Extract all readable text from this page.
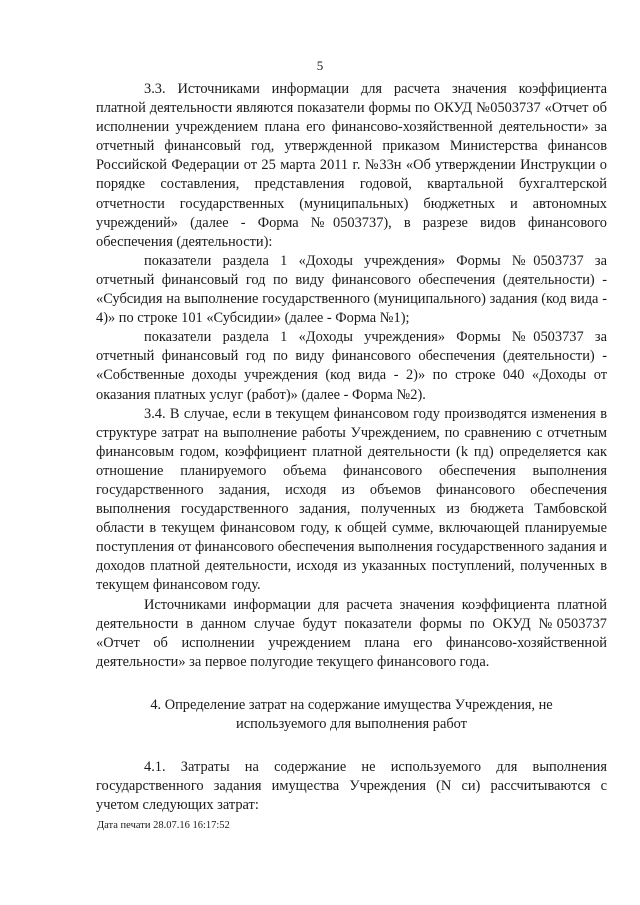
5

3.3. Источниками информации для расчета значения коэффициента платной деятельности являются показатели формы по ОКУД №0503737 «Отчет об исполнении учреждением плана его финансово-хозяйственной деятельности» за отчетный финансовый год, утвержденной приказом Министерства финансов Российской Федерации от 25 марта 2011 г. №33н «Об утверждении Инструкции о порядке составления, представления годовой, квартальной бухгалтерской отчетности государственных (муниципальных) бюджетных и автономных учреждений» (далее - Форма №0503737), в разрезе видов финансового обеспечения (деятельности):

показатели раздела 1 «Доходы учреждения» Формы №0503737 за отчетный финансовый год по виду финансового обеспечения (деятельности) - «Субсидия на выполнение государственного (муниципального) задания (код вида - 4)» по строке 101 «Субсидии» (далее - Форма №1);

показатели раздела 1 «Доходы учреждения» Формы №0503737 за отчетный финансовый год по виду финансового обеспечения (деятельности) - «Собственные доходы учреждения (код вида - 2)» по строке 040 «Доходы от оказания платных услуг (работ)» (далее - Форма №2).

3.4. В случае, если в текущем финансовом году производятся изменения в структуре затрат на выполнение работы Учреждением, по сравнению с отчетным финансовым годом, коэффициент платной деятельности (k пд) определяется как отношение планируемого объема финансового обеспечения выполнения государственного задания, исходя из объемов финансового обеспечения выполнения государственного задания, полученных из бюджета Тамбовской области в текущем финансовом году, к общей сумме, включающей планируемые поступления от финансового обеспечения выполнения государственного задания и доходов платной деятельности, исходя из указанных поступлений, полученных в текущем финансовом году.

Источниками информации для расчета значения коэффициента платной деятельности в данном случае будут показатели формы по ОКУД №0503737 «Отчет об исполнении учреждением плана его финансово-хозяйственной деятельности» за первое полугодие текущего финансового года.

4. Определение затрат на содержание имущества Учреждения, не

используемого для выполнения работ

4.1. Затраты на содержание не используемого для выполнения государственного задания имущества Учреждения (N си) рассчитываются с учетом следующих затрат:

Дата печати 28.07.16 16:17:52
